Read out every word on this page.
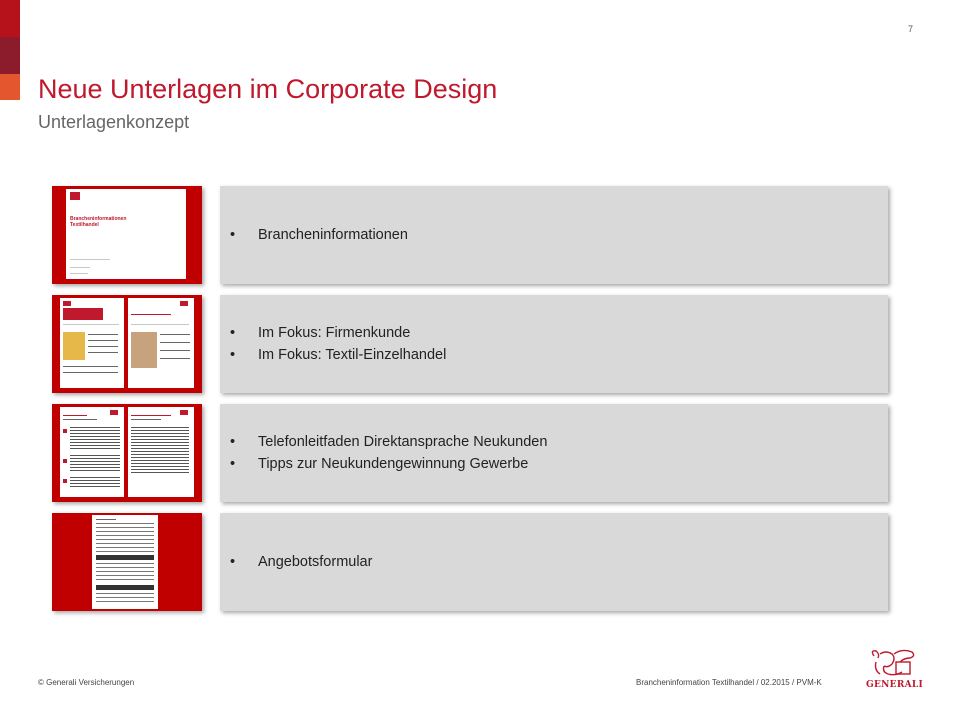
7
Neue Unterlagen im Corporate Design
Unterlagenkonzept
Brancheninformationen Textilhandel
•	Brancheninformationen
•	Im Fokus: Firmenkunde
•	Im Fokus: Textil-Einzelhandel
•	Telefonleitfaden Direktansprache Neukunden
•	Tipps zur Neukundengewinnung Gewerbe
•	Angebotsformular
© Generali Versicherungen	Brancheninformation Textilhandel / 02.2015 / PVM-K	GENERALI
